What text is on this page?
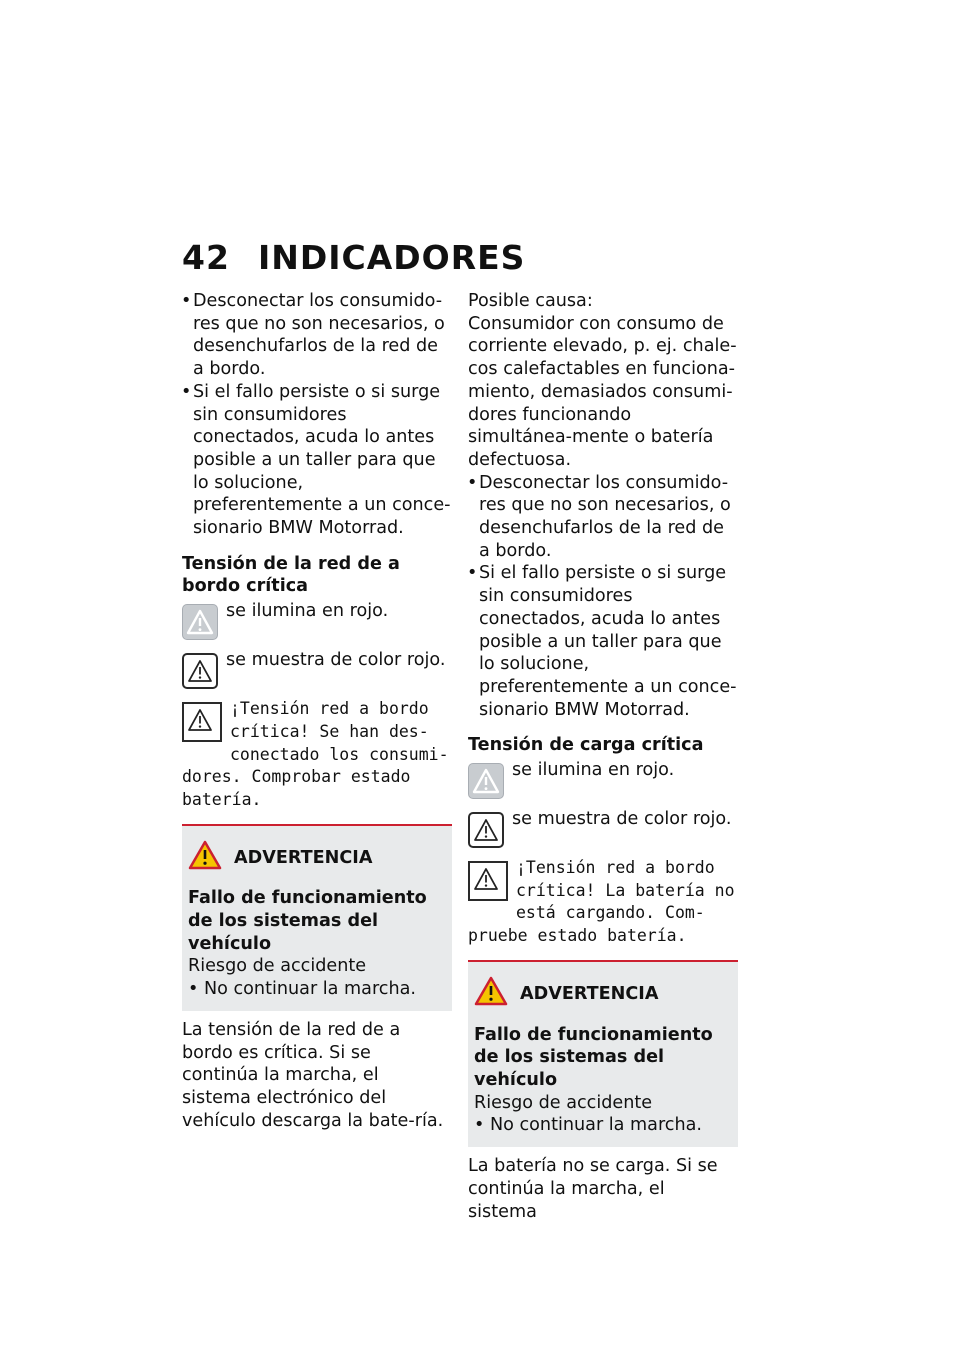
42 INDICADORES

• Desconectar los consumido-res que no son necesarios, o desenchufarlos de la red de a bordo.

• Si el fallo persiste o si surge sin consumidores conectados, acuda lo antes posible a un taller para que lo solucione, preferentemente a un conce-sionario BMW Motorrad.

Tensión de la red de a bordo crítica

se ilumina en rojo.
se muestra de color rojo.
¡Tensión red a bordo crítica! Se han des-conectado los consumi-dores. Comprobar estado batería.
ADVERTENCIA

Fallo de funcionamiento de los sistemas del vehículo

Riesgo de accidente

• No continuar la marcha.

La tensión de la red de a bordo es crítica. Si se continúa la marcha, el sistema electrónico del vehículo descarga la bate-ría.

Posible causa:

Consumidor con consumo de corriente elevado, p. ej. chale-cos calefactables en funciona-miento, demasiados consumi-dores funcionando simultánea-mente o batería defectuosa.

• Desconectar los consumido-res que no son necesarios, o desenchufarlos de la red de a bordo.

• Si el fallo persiste o si surge sin consumidores conectados, acuda lo antes posible a un taller para que lo solucione, preferentemente a un conce-sionario BMW Motorrad.

Tensión de carga crítica

se ilumina en rojo.
se muestra de color rojo.
¡Tensión red a bordo crítica! La batería no está cargando. Com-pruebe estado batería.
ADVERTENCIA

Fallo de funcionamiento de los sistemas del vehículo

Riesgo de accidente

• No continuar la marcha.

La batería no se carga. Si se continúa la marcha, el sistema
